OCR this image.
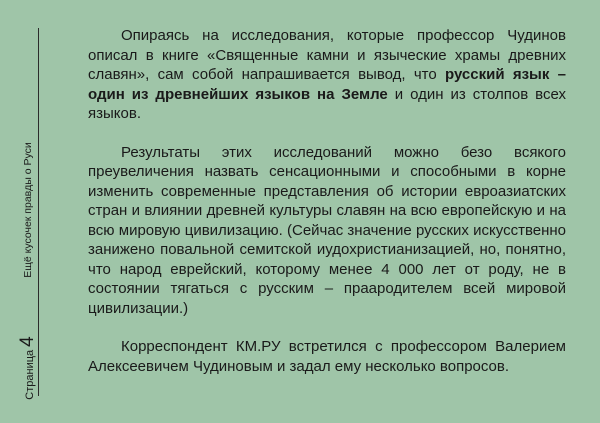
Ещё кусочек правды о Руси
Страница4

Опираясь на исследования, которые профессор Чудинов описал в книге «Священные камни и языческие храмы древних славян», сам собой напрашивается вывод, что русский язык – один из древнейших языков на Земле и один из столпов всех языков.

Результаты этих исследований можно безо всякого преувеличения назвать сенсационными и способными в корне изменить современные представления об истории евроазиатских стран и влиянии древней культуры славян на всю европейскую и на всю мировую цивилизацию. (Сейчас значение русских искусственно занижено повальной семитской иудохристианизацией, но, понятно, что народ еврейский, которому менее 4 000 лет от роду, не в состоянии тягаться с русским – праародителем всей мировой цивилизации.)

Корреспондент КМ.РУ встретился с профессором Валерием Алексеевичем Чудиновым и задал ему несколько вопросов.
